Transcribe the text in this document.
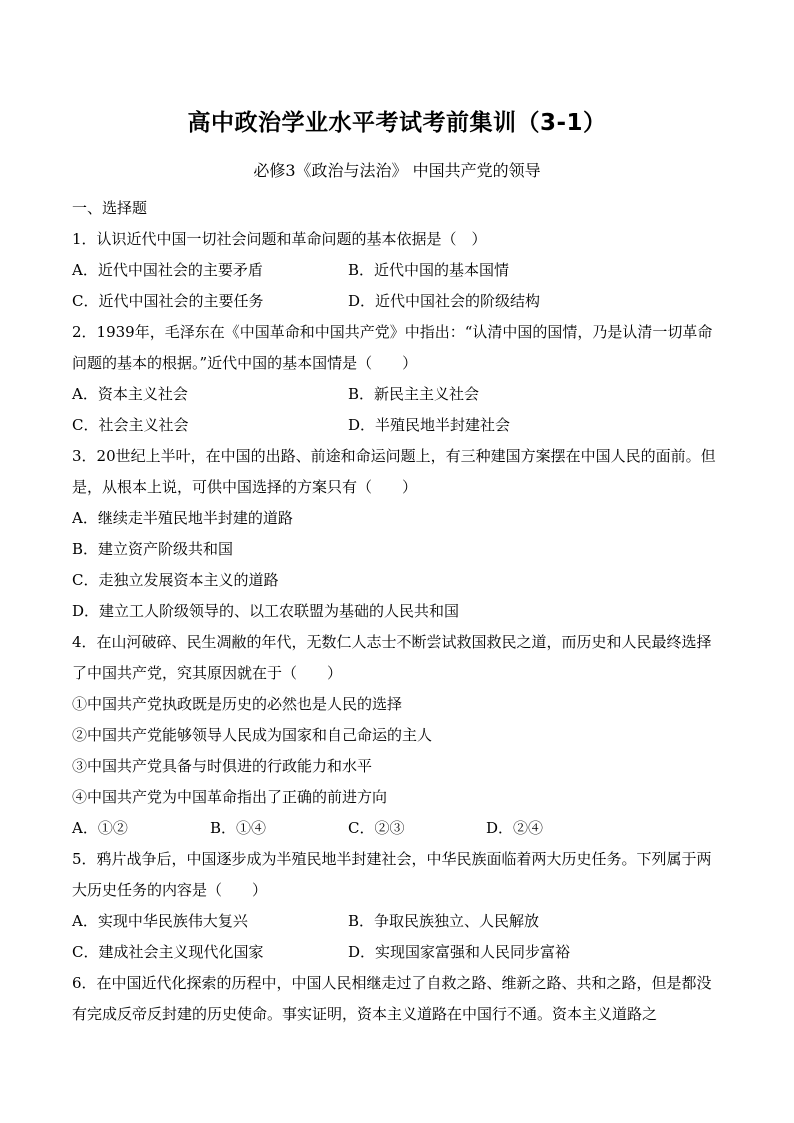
高中政治学业水平考试考前集训（3-1）
必修3《政治与法治》 中国共产党的领导
一、选择题
1．认识近代中国一切社会问题和革命问题的基本依据是（　）
A．近代中国社会的主要矛盾	B．近代中国的基本国情
C．近代中国社会的主要任务	D．近代中国社会的阶级结构
2．1939年，毛泽东在《中国革命和中国共产党》中指出：“认清中国的国情，乃是认清一切革命问题的基本的根据。”近代中国的基本国情是（　　）
A．资本主义社会	B．新民主主义社会
C．社会主义社会	D．半殖民地半封建社会
3．20世纪上半叶，在中国的出路、前途和命运问题上，有三种建国方案摆在中国人民的面前。但是，从根本上说，可供中国选择的方案只有（　　）
A．继续走半殖民地半封建的道路
B．建立资产阶级共和国
C．走独立发展资本主义的道路
D．建立工人阶级领导的、以工农联盟为基础的人民共和国
4．在山河破碎、民生凋敝的年代，无数仁人志士不断尝试救国救民之道，而历史和人民最终选择了中国共产党，究其原因就在于（　　）
①中国共产党执政既是历史的必然也是人民的选择
②中国共产党能够领导人民成为国家和自己命运的主人
③中国共产党具备与时俱进的行政能力和水平
④中国共产党为中国革命指出了正确的前进方向
A．①②	B．①④	C．②③	D．②④
5．鸦片战争后，中国逐步成为半殖民地半封建社会，中华民族面临着两大历史任务。下列属于两大历史任务的内容是（　　）
A．实现中华民族伟大复兴	B．争取民族独立、人民解放
C．建成社会主义现代化国家	D．实现国家富强和人民同步富裕
6．在中国近代化探索的历程中，中国人民相继走过了自救之路、维新之路、共和之路，但是都没有完成反帝反封建的历史使命。事实证明，资本主义道路在中国行不通。资本主义道路之
